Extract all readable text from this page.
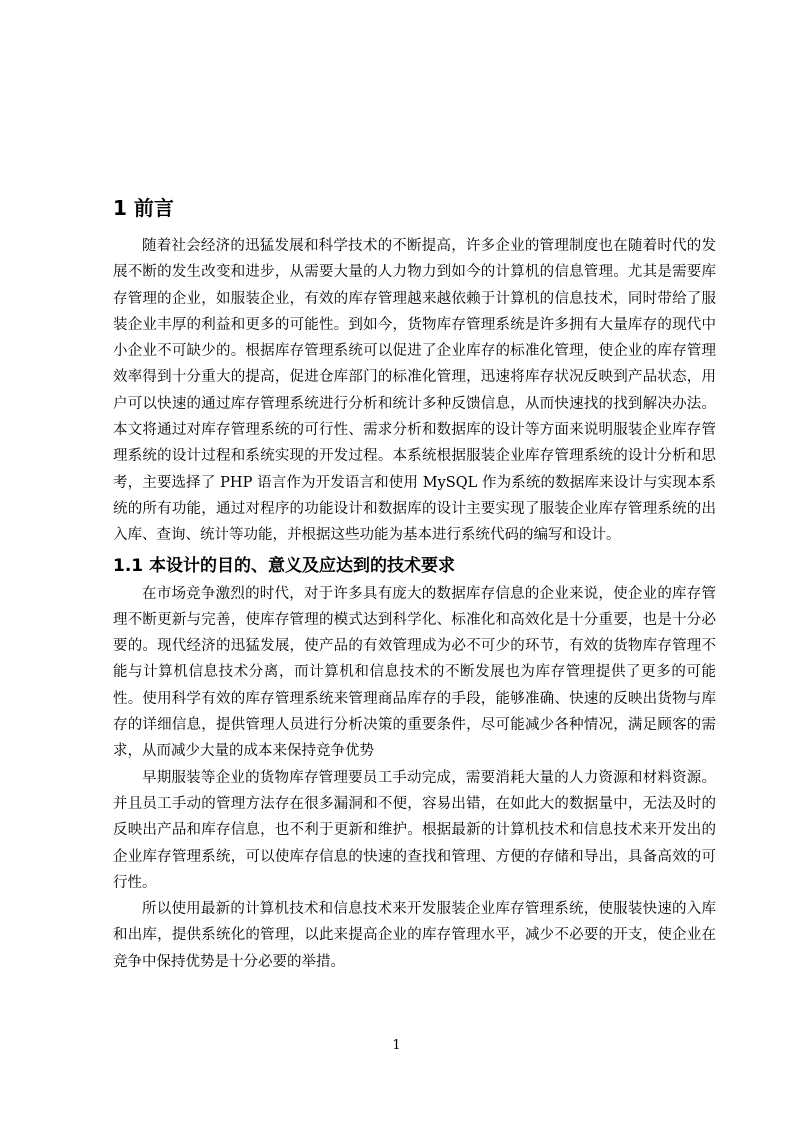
1 前言

随着社会经济的迅猛发展和科学技术的不断提高，许多企业的管理制度也在随着时代的发展不断的发生改变和进步，从需要大量的人力物力到如今的计算机的信息管理。尤其是需要库存管理的企业，如服装企业，有效的库存管理越来越依赖于计算机的信息技术，同时带给了服装企业丰厚的利益和更多的可能性。到如今，货物库存管理系统是许多拥有大量库存的现代中小企业不可缺少的。根据库存管理系统可以促进了企业库存的标准化管理，使企业的库存管理效率得到十分重大的提高，促进仓库部门的标准化管理，迅速将库存状况反映到产品状态，用户可以快速的通过库存管理系统进行分析和统计多种反馈信息，从而快速找的找到解决办法。本文将通过对库存管理系统的可行性、需求分析和数据库的设计等方面来说明服装企业库存管理系统的设计过程和系统实现的开发过程。本系统根据服装企业库存管理系统的设计分析和思考，主要选择了 PHP 语言作为开发语言和使用 MySQL 作为系统的数据库来设计与实现本系统的所有功能，通过对程序的功能设计和数据库的设计主要实现了服装企业库存管理系统的出入库、查询、统计等功能，并根据这些功能为基本进行系统代码的编写和设计。

1.1 本设计的目的、意义及应达到的技术要求

在市场竞争激烈的时代，对于许多具有庞大的数据库存信息的企业来说，使企业的库存管理不断更新与完善，使库存管理的模式达到科学化、标准化和高效化是十分重要，也是十分必要的。现代经济的迅猛发展，使产品的有效管理成为必不可少的环节，有效的货物库存管理不能与计算机信息技术分离，而计算机和信息技术的不断发展也为库存管理提供了更多的可能性。使用科学有效的库存管理系统来管理商品库存的手段，能够准确、快速的反映出货物与库存的详细信息，提供管理人员进行分析决策的重要条件，尽可能减少各种情况，满足顾客的需求，从而减少大量的成本来保持竞争优势

早期服装等企业的货物库存管理要员工手动完成，需要消耗大量的人力资源和材料资源。并且员工手动的管理方法存在很多漏洞和不便，容易出错，在如此大的数据量中，无法及时的反映出产品和库存信息，也不利于更新和维护。根据最新的计算机技术和信息技术来开发出的企业库存管理系统，可以使库存信息的快速的查找和管理、方便的存储和导出，具备高效的可行性。

所以使用最新的计算机技术和信息技术来开发服装企业库存管理系统，使服装快速的入库和出库，提供系统化的管理，以此来提高企业的库存管理水平，减少不必要的开支，使企业在竞争中保持优势是十分必要的举措。

1
